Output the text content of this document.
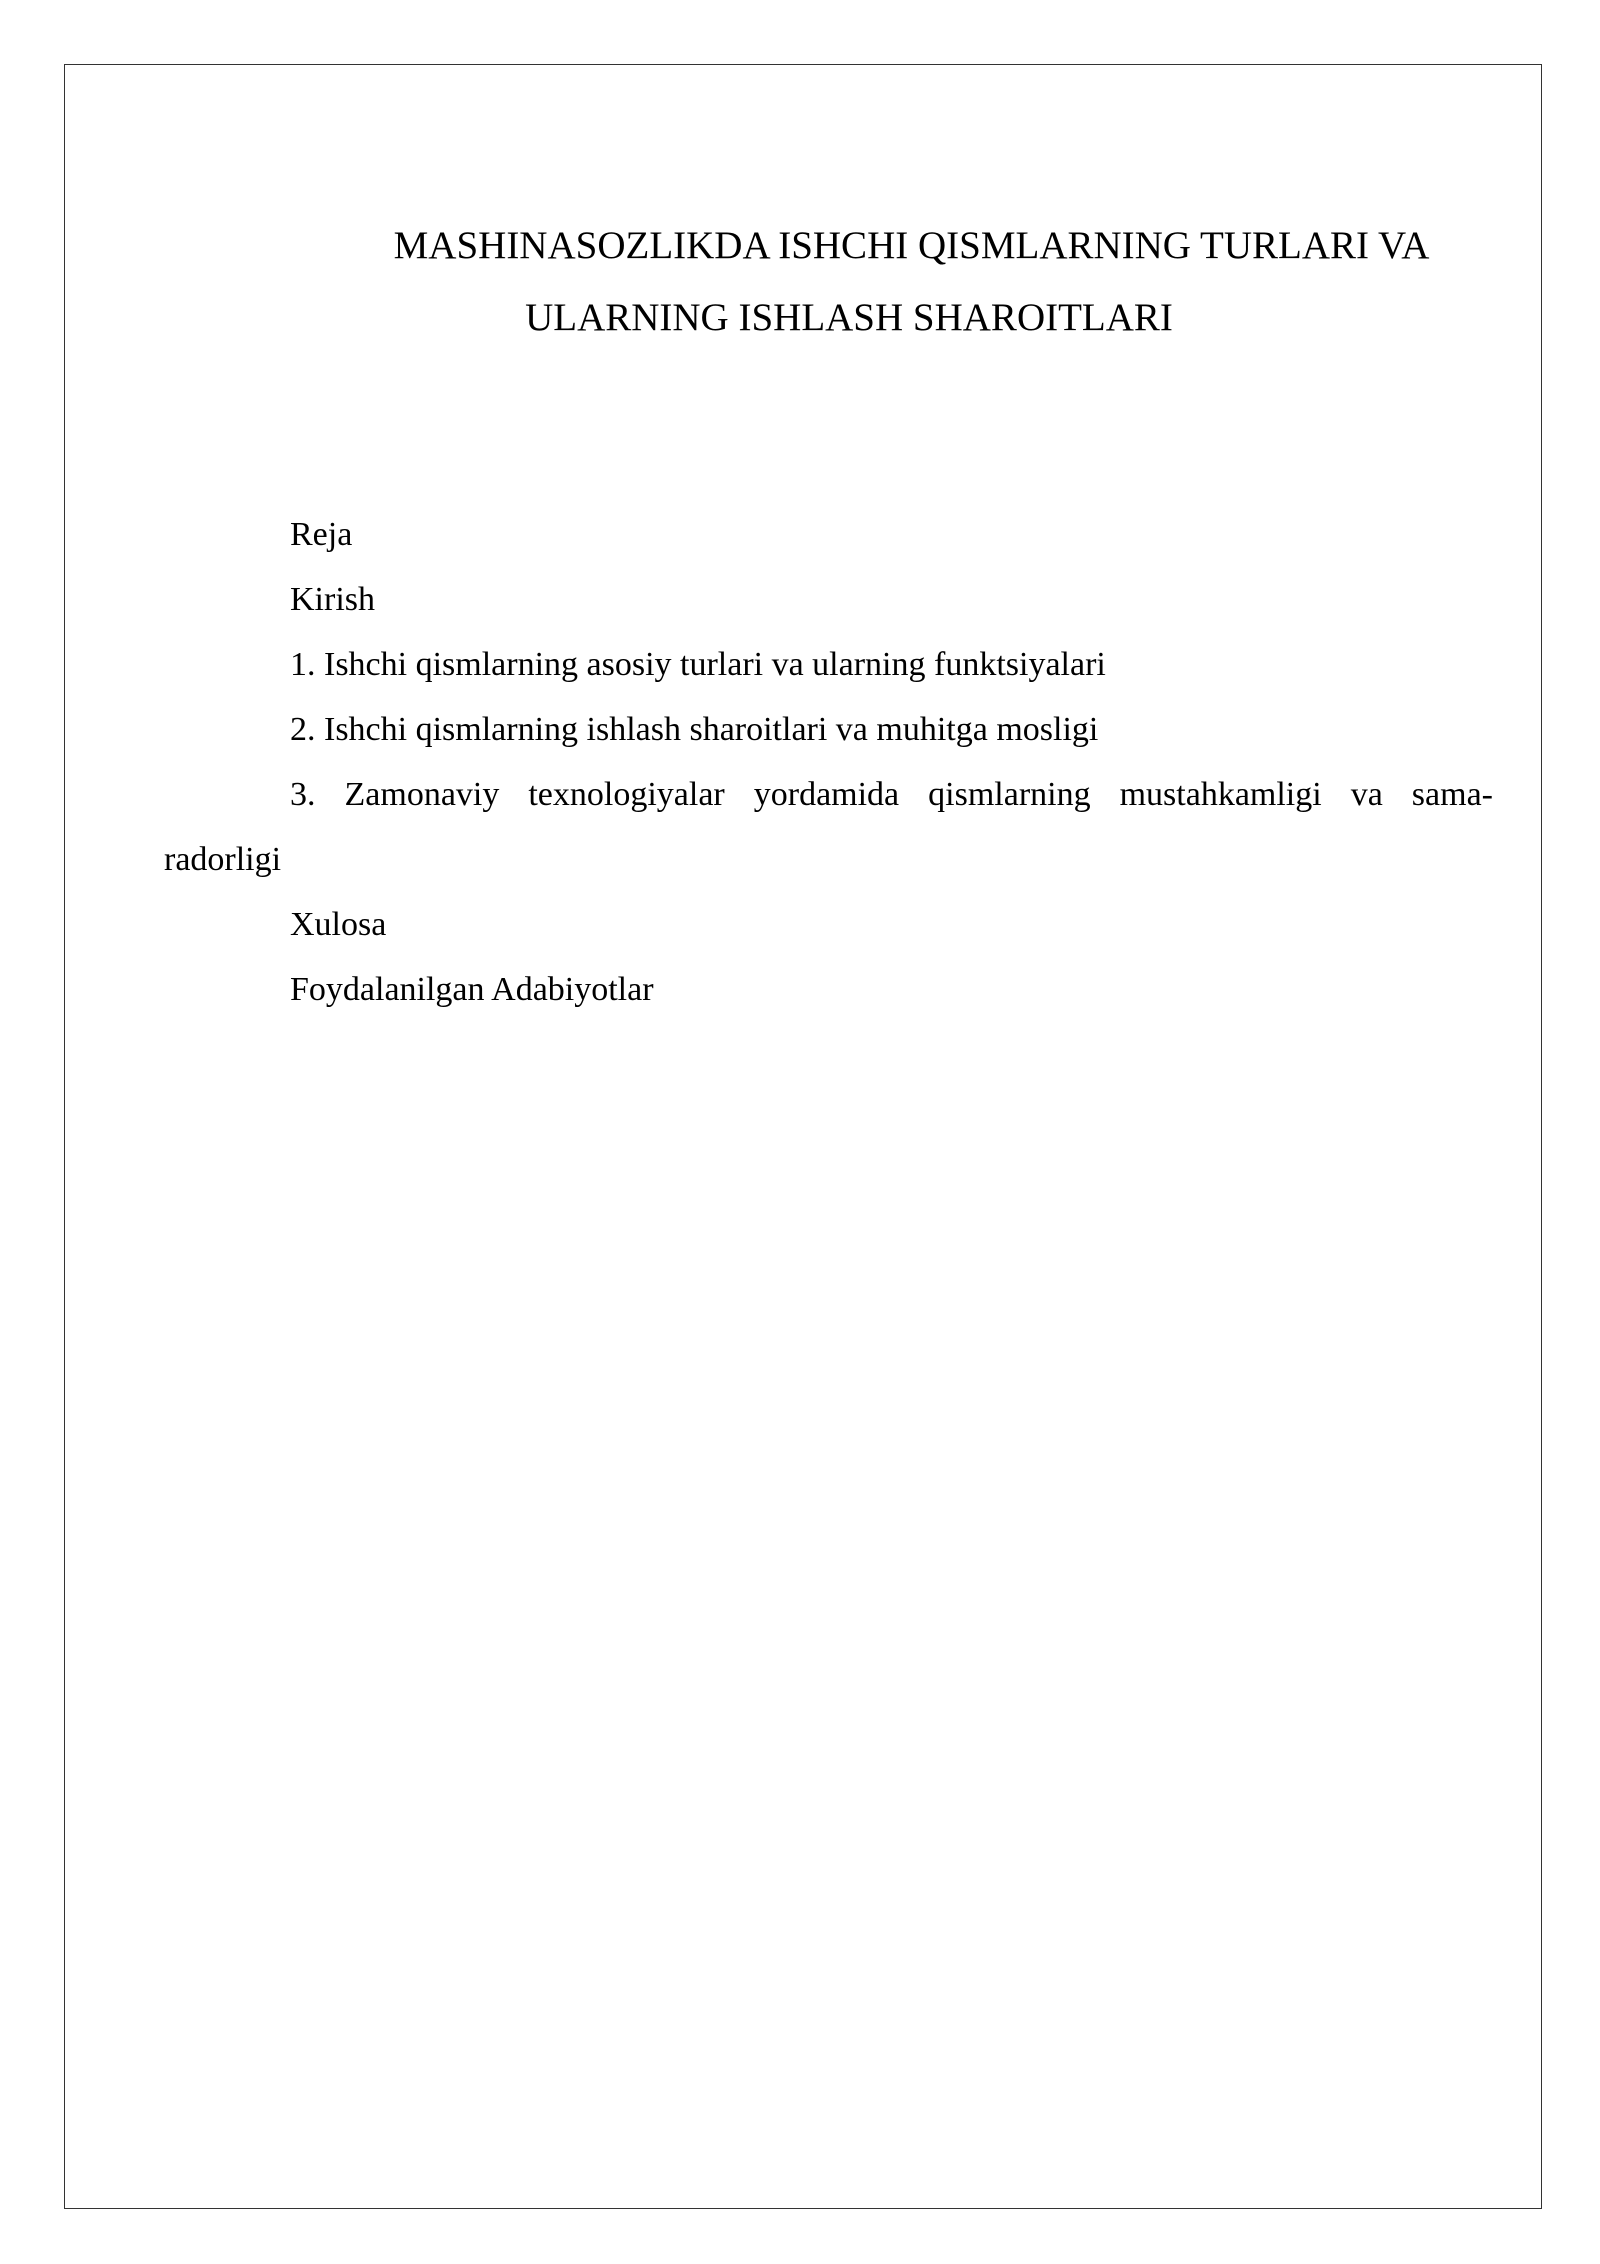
MASHINASOZLIKDA ISHCHI QISMLARNING TURLARI VA
ULARNING ISHLASH SHAROITLARI

Reja

Kirish

1. Ishchi qismlarning asosiy turlari va ularning funktsiyalari

2. Ishchi qismlarning ishlash sharoitlari va muhitga mosligi

3. Zamonaviy texnologiyalar yordamida qismlarning mustahkamligi va sama-
radorligi

Xulosa

Foydalanilgan Adabiyotlar
